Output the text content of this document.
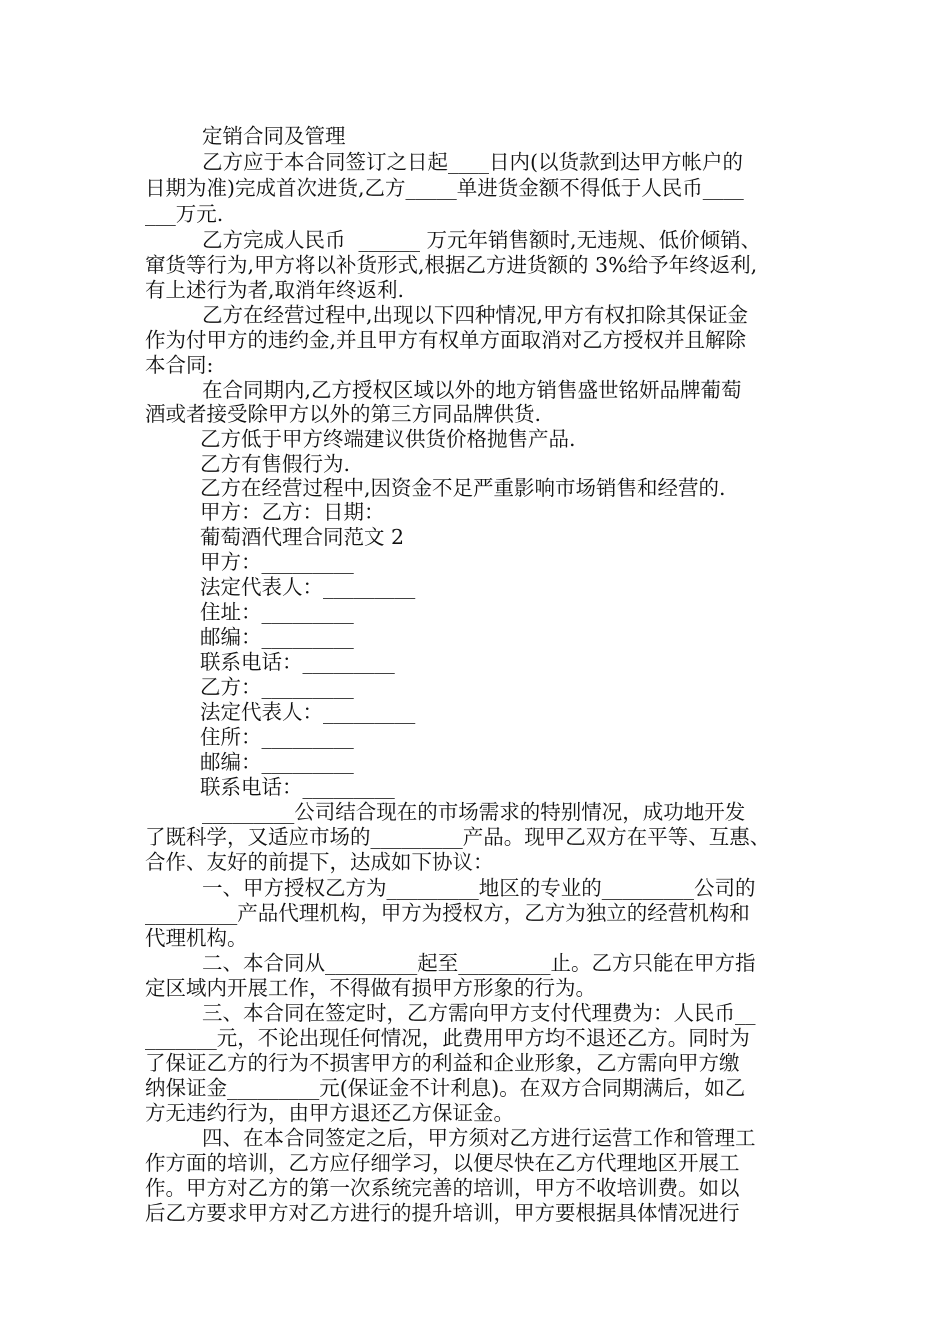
定销合同及管理
乙方应于本合同签订之日起____日内(以货款到达甲方帐户的
日期为准)完成首次进货,乙方_____单进货金额不得低于人民币____
___万元.
乙方完成人民币  ______ 万元年销售额时,无违规、低价倾销、
窜货等行为,甲方将以补货形式,根据乙方进货额的 3%给予年终返利,
有上述行为者,取消年终返利.
乙方在经营过程中,出现以下四种情况,甲方有权扣除其保证金
作为付甲方的违约金,并且甲方有权单方面取消对乙方授权并且解除
本合同:
在合同期内,乙方授权区域以外的地方销售盛世铭妍品牌葡萄
酒或者接受除甲方以外的第三方同品牌供货.
乙方低于甲方终端建议供货价格抛售产品.
乙方有售假行为.
乙方在经营过程中,因资金不足严重影响市场销售和经营的.
甲方：乙方：日期：
葡萄酒代理合同范文 2
甲方：_________
法定代表人：_________
住址：_________
邮编：_________
联系电话：_________
乙方：_________
法定代表人：_________
住所：_________
邮编：_________
联系电话：_________
_________公司结合现在的市场需求的特别情况，成功地开发
了既科学，又适应市场的_________产品。现甲乙双方在平等、互惠、
合作、友好的前提下，达成如下协议：
一、甲方授权乙方为_________地区的专业的_________公司的
_________产品代理机构，甲方为授权方，乙方为独立的经营机构和
代理机构。
二、本合同从_________起至_________止。乙方只能在甲方指
定区域内开展工作，不得做有损甲方形象的行为。
三、本合同在签定时，乙方需向甲方支付代理费为：人民币__
_______元，不论出现任何情况，此费用甲方均不退还乙方。同时为
了保证乙方的行为不损害甲方的利益和企业形象，乙方需向甲方缴
纳保证金_________元(保证金不计利息)。在双方合同期满后，如乙
方无违约行为，由甲方退还乙方保证金。
四、在本合同签定之后，甲方须对乙方进行运营工作和管理工
作方面的培训，乙方应仔细学习，以便尽快在乙方代理地区开展工
作。甲方对乙方的第一次系统完善的培训，甲方不收培训费。如以
后乙方要求甲方对乙方进行的提升培训，甲方要根据具体情况进行
